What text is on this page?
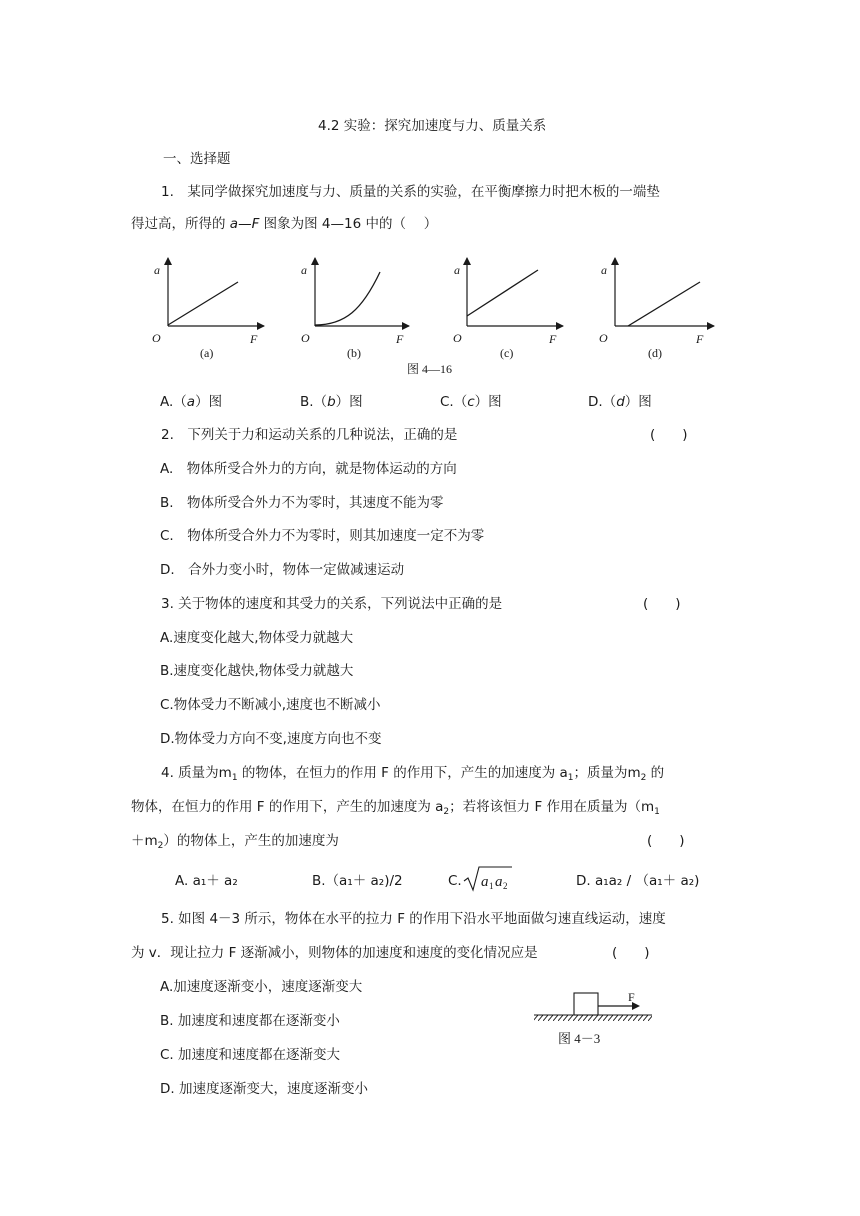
4.2 实验：探究加速度与力、质量关系
一、选择题
1.　某同学做探究加速度与力、质量的关系的实验，在平衡摩擦力时把木板的一端垫
得过高，所得的 a—F 图象为图 4—16 中的（　 ）
a
O	F
(a)
a
O	F
(b)
a
O	F
(c)
a
O	F
(d)
图 4—16
A.（a）图	B.（b）图	C.（c）图	D.（d）图
2.　下列关于力和运动关系的几种说法，正确的是	(　　)
A.　物体所受合外力的方向，就是物体运动的方向
B.　物体所受合外力不为零时，其速度不能为零
C.　物体所受合外力不为零时，则其加速度一定不为零
D.　合外力变小时，物体一定做减速运动
3. 关于物体的速度和其受力的关系，下列说法中正确的是	(　　)
A.速度变化越大,物体受力就越大
B.速度变化越快,物体受力就越大
C.物体受力不断减小,速度也不断减小
D.物体受力方向不变,速度方向也不变
4. 质量为$m_1$ 的物体，在恒力的作用 F 的作用下，产生的加速度为 $a_1$；质量为$m_2$ 的
物体，在恒力的作用 F 的作用下，产生的加速度为 $a_2$；若将该恒力 F 作用在质量为（$m_1$
$+m_2$）的物体上，产生的加速度为	(　　)
A. a₁＋ a₂	B.（a₁＋ a₂)/2	C. a 1 a 2	D. a₁a₂ / （a₁＋ a₂)
5. 如图 4－3 所示，物体在水平的拉力 F 的作用下沿水平地面做匀速直线运动，速度
为 v．现让拉力 F 逐渐减小，则物体的加速度和速度的变化情况应是	(　　)
A.加速度逐渐变小，速度逐渐变大
B. 加速度和速度都在逐渐变小
C. 加速度和速度都在逐渐变大
D. 加速度逐渐变大，速度逐渐变小
F
图 4－3
